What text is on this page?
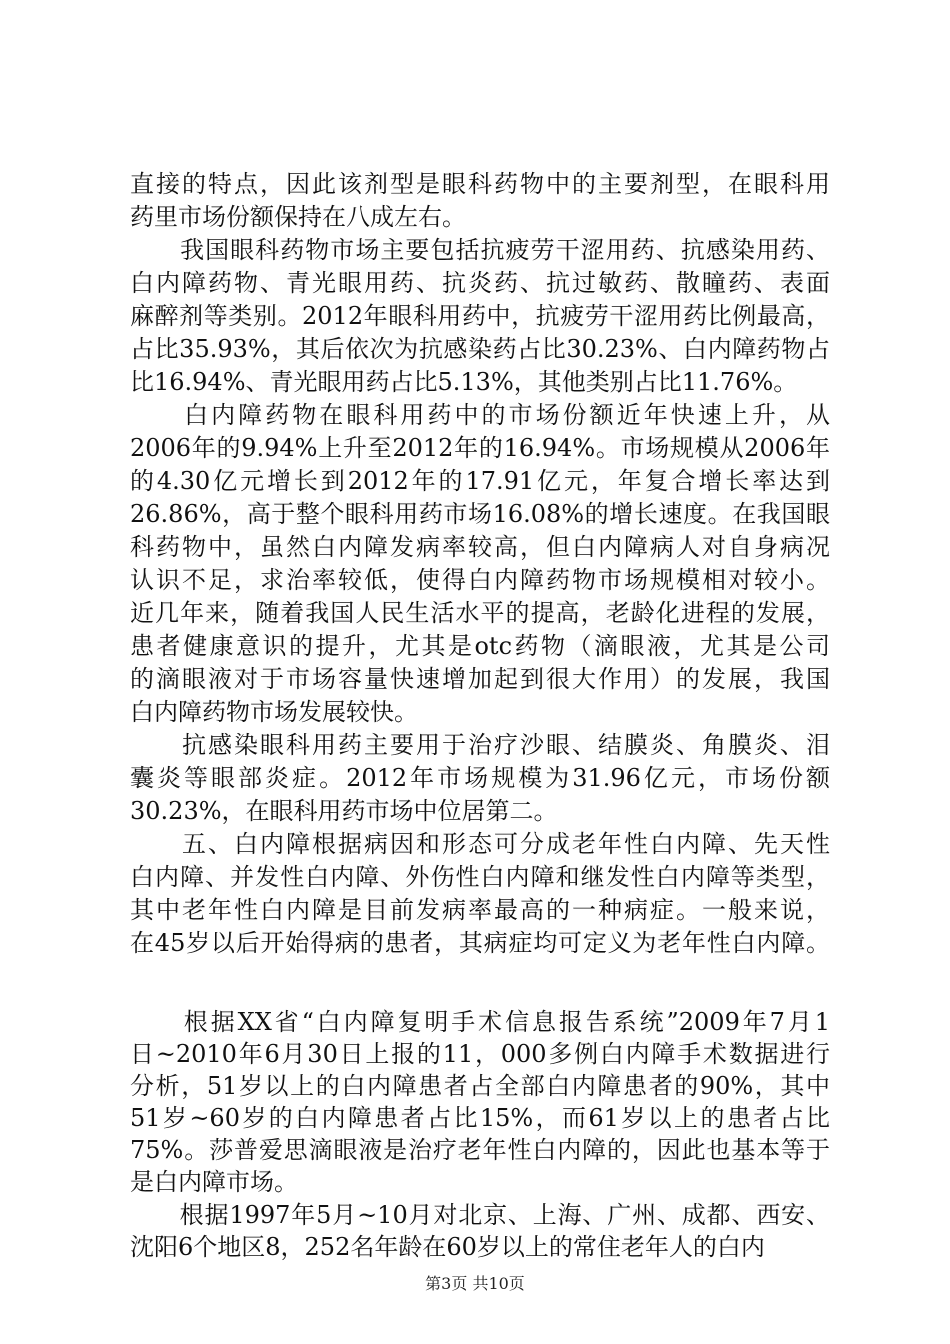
直接的特点，因此该剂型是眼科药物中的主要剂型，在眼科用
药里市场份额保持在八成左右。
　　我国眼科药物市场主要包括抗疲劳干涩用药、抗感染用药、
白内障药物、青光眼用药、抗炎药、抗过敏药、散瞳药、表面
麻醉剂等类别。2012年眼科用药中，抗疲劳干涩用药比例最高，
占比35.93%，其后依次为抗感染药占比30.23%、白内障药物占
比16.94%、青光眼用药占比5.13%，其他类别占比11.76%。
　　白内障药物在眼科用药中的市场份额近年快速上升，从
2006年的9.94%上升至2012年的16.94%。市场规模从2006年
的4.30亿元增长到2012年的17.91亿元，年复合增长率达到
26.86%，高于整个眼科用药市场16.08%的增长速度。在我国眼
科药物中，虽然白内障发病率较高，但白内障病人对自身病况
认识不足，求治率较低，使得白内障药物市场规模相对较小。
近几年来，随着我国人民生活水平的提高，老龄化进程的发展，
患者健康意识的提升，尤其是otc药物（滴眼液，尤其是公司
的滴眼液对于市场容量快速增加起到很大作用）的发展，我国
白内障药物市场发展较快。
　　抗感染眼科用药主要用于治疗沙眼、结膜炎、角膜炎、泪
囊炎等眼部炎症。2012年市场规模为31.96亿元，市场份额
30.23%，在眼科用药市场中位居第二。
　　五、白内障根据病因和形态可分成老年性白内障、先天性
白内障、并发性白内障、外伤性白内障和继发性白内障等类型，
其中老年性白内障是目前发病率最高的一种病症。一般来说，
在45岁以后开始得病的患者，其病症均可定义为老年性白内障。
　　根据XX省“白内障复明手术信息报告系统”2009年7月1
日~2010年6月30日上报的11，000多例白内障手术数据进行
分析，51岁以上的白内障患者占全部白内障患者的90%，其中
51岁~60岁的白内障患者占比15%，而61岁以上的患者占比
75%。莎普爱思滴眼液是治疗老年性白内障的，因此也基本等于
是白内障市场。
　　根据1997年5月~10月对北京、上海、广州、成都、西安、
沈阳6个地区8，252名年龄在60岁以上的常住老年人的白内
第3页 共10页
